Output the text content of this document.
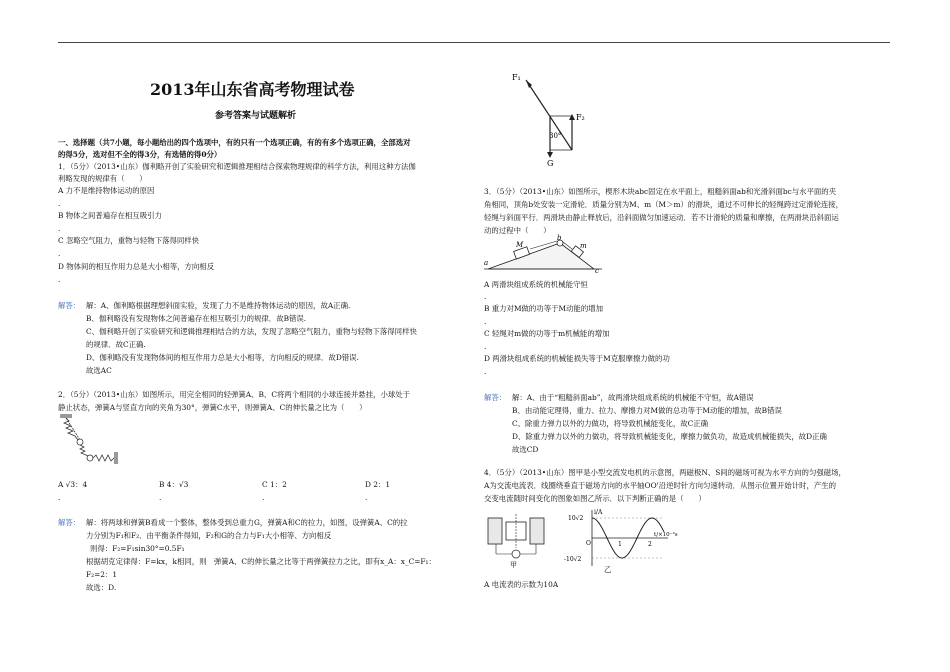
2013年山东省高考物理试卷
参考答案与试题解析
一、选择题（共7小题，每小题给出的四个选项中，有的只有一个选项正确，有的有多个选项正确，全部选对
的得5分，选对但不全的得3分，有选错的得0分）
1．（5分）（2013•山东）伽利略开创了实验研究和逻辑推理相结合探索物理规律的科学方法，利用这种方法伽
利略发现的规律有（　　）
A 力不是维持物体运动的原因
.
B 物体之间普遍存在相互吸引力
.
C 忽略空气阻力，重物与轻物下落得同样快
.
D 物体间的相互作用力总是大小相等，方向相反
.
解答： 解：A、伽利略根据理想斜面实验，发现了力不是维持物体运动的原因，故A正确.
B、伽利略没有发现物体之间普遍存在相互吸引力的规律．故B错误.
C、伽利略开创了实验研究和逻辑推理相结合的方法，发现了忽略空气阻力，重物与轻物下落得同样快
的规律．故C正确.
D、伽利略没有发现物体间的相互作用力总是大小相等，方向相反的规律．故D错误.
故选AC
2．（5分）（2013•山东）如图所示，用完全相同的轻弹簧A、B、C将两个相同的小球连接并悬挂，小球处于
静止状态，弹簧A与竖直方向的夹角为30°，弹簧C水平，则弹簧A、C的伸长量之比为（　　）
A √3：4	B 4：√3	C 1：2	D 2：1
.	.	.	.
解答： 解：将两球和弹簧B看成一个整体，整体受到总重力G，弹簧A和C的拉力，如图，设弹簧A、C的拉
力分别为F₁和F₂．由平衡条件得知，F₂和G的合力与F₁大小相等、方向相反
则得：F₂=F₁sin30°=0.5F₁
根据胡克定律得：F=kx，k相同，则　弹簧A、C的伸长量之比等于两弹簧拉力之比，即有x_A：x_C=F₁：
F₂=2：1
故选：D.
F₁
F₂
30°
G
3．（5分）（2013•山东）如图所示，楔形木块abc固定在水平面上，粗糙斜面ab和光滑斜面bc与水平面的夹
角相同，顶角b处安装一定滑轮．质量分别为M、m（M＞m）的滑块，通过不可伸长的轻绳跨过定滑轮连接，
轻绳与斜面平行．两滑块由静止释放后，沿斜面做匀加速运动．若不计滑轮的质量和摩擦，在两滑块沿斜面运
动的过程中（　　）
a
b
c
M	m
A 两滑块组成系统的机械能守恒
.
B 重力对M做的功等于M动能的增加
.
C 轻绳对m做的功等于m机械能的增加
.
D 两滑块组成系统的机械能损失等于M克服摩擦力做的功
.
解答： 解：A、由于“粗糙斜面ab”，故两滑块组成系统的机械能不守恒，故A错误
B、由动能定理得，重力、拉力、摩擦力对M做的总功等于M动能的增加，故B错误
C、除重力弹力以外的力做功，将导致机械能变化，故C正确
D、除重力弹力以外的力做功，将导致机械能变化，摩擦力做负功，故造成机械能损失，故D正确
故选CD
4．（5分）（2013•山东）图甲是小型交流发电机的示意图，两磁极N、S间的磁场可视为水平方向的匀强磁场，
A为交流电流表．线圈绕垂直于磁场方向的水平轴OO'沿逆时针方向匀速转动．从图示位置开始计时，产生的
交变电流随时间变化的图象如图乙所示．以下判断正确的是（　　）
甲
i/A
10√2
-10√2
O	1	2
t/×10⁻²s
乙
A 电流表的示数为10A
